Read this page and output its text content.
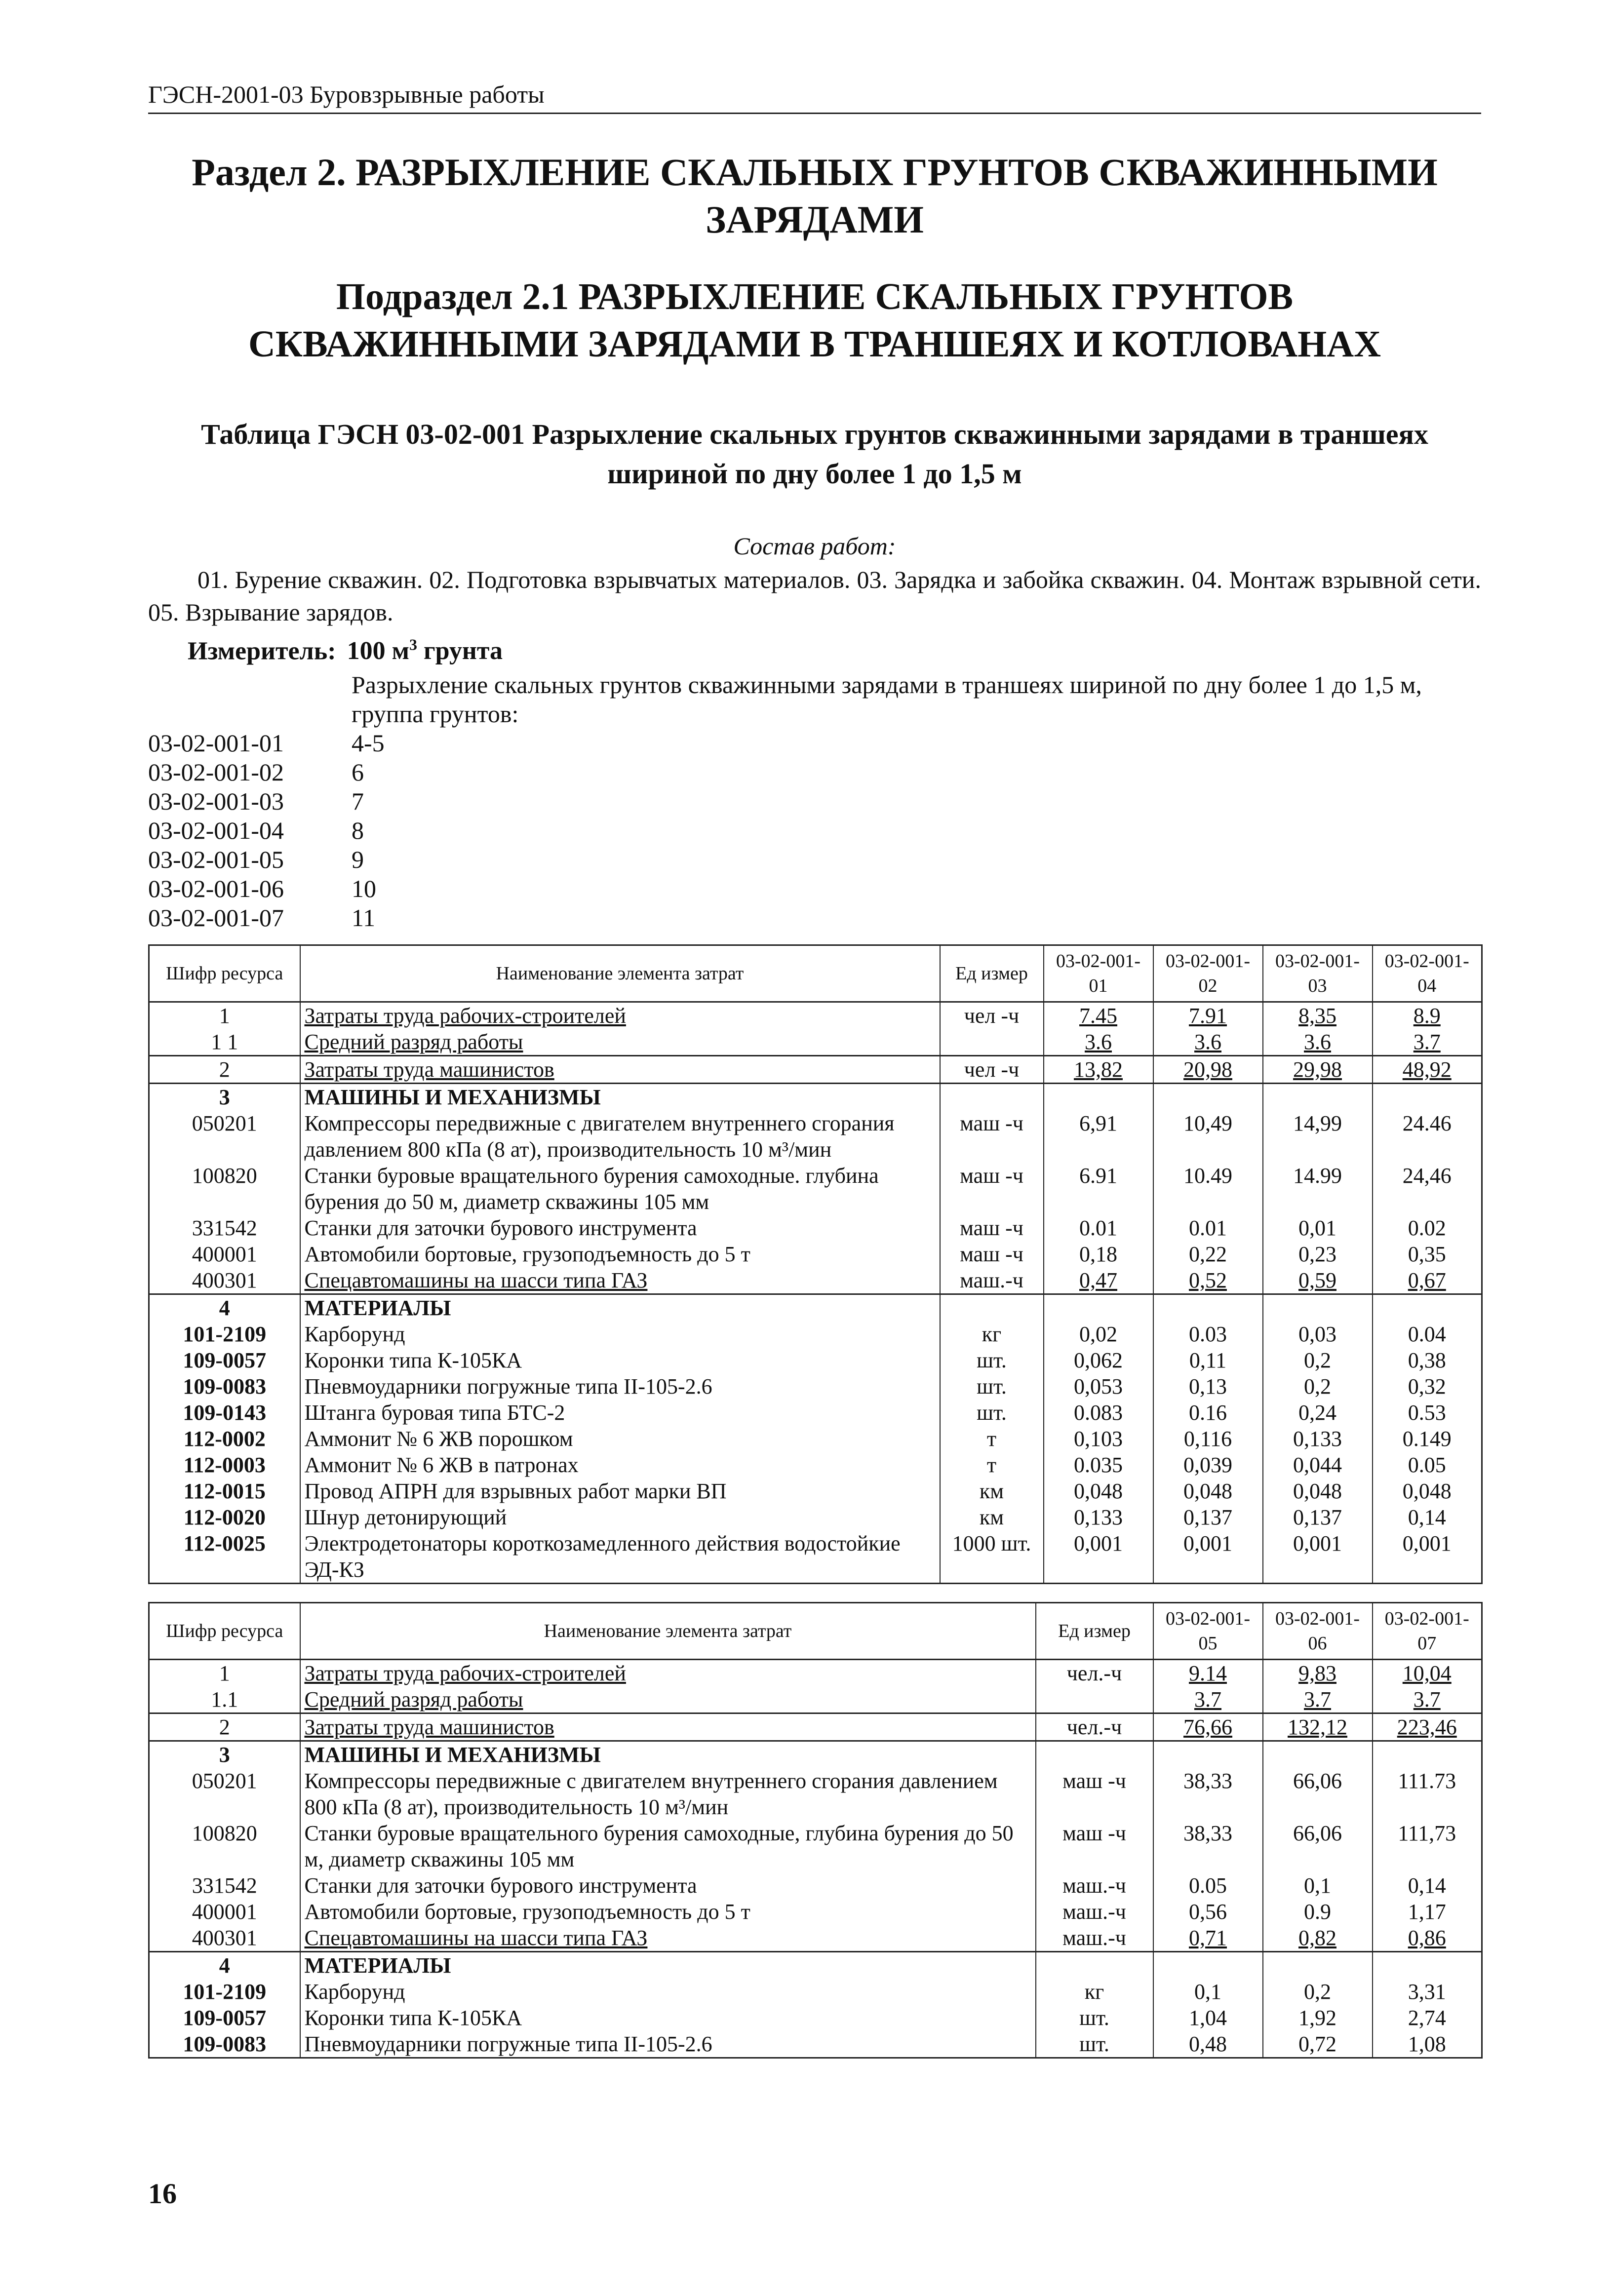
ГЭСН-2001-03 Буровзрывные работы
Раздел 2. РАЗРЫХЛЕНИЕ СКАЛЬНЫХ ГРУНТОВ СКВАЖИННЫМИ ЗАРЯДАМИ
Подраздел 2.1 РАЗРЫХЛЕНИЕ СКАЛЬНЫХ ГРУНТОВ СКВАЖИННЫМИ ЗАРЯДАМИ В ТРАНШЕЯХ И КОТЛОВАНАХ
Таблица ГЭСН 03-02-001 Разрыхление скальных грунтов скважинными зарядами в траншеях шириной по дну более 1 до 1,5 м
Состав работ:
01. Бурение скважин. 02. Подготовка взрывчатых материалов. 03. Зарядка и забойка скважин. 04. Монтаж взрывной сети. 05. Взрывание зарядов.
Измеритель: 100 $м^3$ грунта
Разрыхление скальных грунтов скважинными зарядами в траншеях шириной по дну более 1 до 1,5 м, группа грунтов:
03-02-001-01	4-5
03-02-001-02	6
03-02-001-03	7
03-02-001-04	8
03-02-001-05	9
03-02-001-06	10
03-02-001-07	11
Шифр ресурса	Наименование элемента затрат	Ед измер	03-02-001-01	03-02-001-02	03-02-001-03	03-02-001-04
1	Затраты труда рабочих-строителей	чел -ч	7.45	7.91	8,35	8.9
1 1	Средний разряд работы		3.6	3.6	3.6	3.7
2	Затраты труда машинистов	чел -ч	13,82	20,98	29,98	48,92
3	МАШИНЫ И МЕХАНИЗМЫ					
050201	Компрессоры передвижные с двигателем внутреннего сгорания давлением 800 кПа (8 ат), производительность 10 м³/мин	маш -ч	6,91	10,49	14,99	24.46
100820	Станки буровые вращательного бурения самоходные. глубина бурения до 50 м, диаметр скважины 105 мм	маш -ч	6.91	10.49	14.99	24,46
331542	Станки для заточки бурового инструмента	маш -ч	0.01	0.01	0,01	0.02
400001	Автомобили бортовые, грузоподъемность до 5 т	маш -ч	0,18	0,22	0,23	0,35
400301	Спецавтомашины на шасси типа ГАЗ	маш.-ч	0,47	0,52	0,59	0,67
4	МАТЕРИАЛЫ					
101-2109	Карборунд	кг	0,02	0.03	0,03	0.04
109-0057	Коронки типа К-105КА	шт.	0,062	0,11	0,2	0,38
109-0083	Пневмоударники погружные типа II-105-2.6	шт.	0,053	0,13	0,2	0,32
109-0143	Штанга буровая типа БТС-2	шт.	0.083	0.16	0,24	0.53
112-0002	Аммонит № 6 ЖВ порошком	т	0,103	0,116	0,133	0.149
112-0003	Аммонит № 6 ЖВ в патронах	т	0.035	0,039	0,044	0.05
112-0015	Провод АПРН для взрывных работ марки ВП	км	0,048	0,048	0,048	0,048
112-0020	Шнур детонирующий	км	0,133	0,137	0,137	0,14
112-0025	Электродетонаторы короткозамедленного действия водостойкие ЭД-КЗ	1000 шт.	0,001	0,001	0,001	0,001
Шифр ресурса	Наименование элемента затрат	Ед измер	03-02-001-05	03-02-001-06	03-02-001-07
1	Затраты труда рабочих-строителей	чел.-ч	9.14	9,83	10,04
1.1	Средний разряд работы		3.7	3.7	3.7
2	Затраты труда машинистов	чел.-ч	76,66	132,12	223,46
3	МАШИНЫ И МЕХАНИЗМЫ				
050201	Компрессоры передвижные с двигателем внутреннего сгорания давлением 800 кПа (8 ат), производительность 10 м³/мин	маш -ч	38,33	66,06	111.73
100820	Станки буровые вращательного бурения самоходные, глубина бурения до 50 м, диаметр скважины 105 мм	маш -ч	38,33	66,06	111,73
331542	Станки для заточки бурового инструмента	маш.-ч	0.05	0,1	0,14
400001	Автомобили бортовые, грузоподъемность до 5 т	маш.-ч	0,56	0.9	1,17
400301	Спецавтомашины на шасси типа ГАЗ	маш.-ч	0,71	0,82	0,86
4	МАТЕРИАЛЫ				
101-2109	Карборунд	кг	0,1	0,2	3,31
109-0057	Коронки типа К-105КА	шт.	1,04	1,92	2,74
109-0083	Пневмоударники погружные типа II-105-2.6	шт.	0,48	0,72	1,08
16
